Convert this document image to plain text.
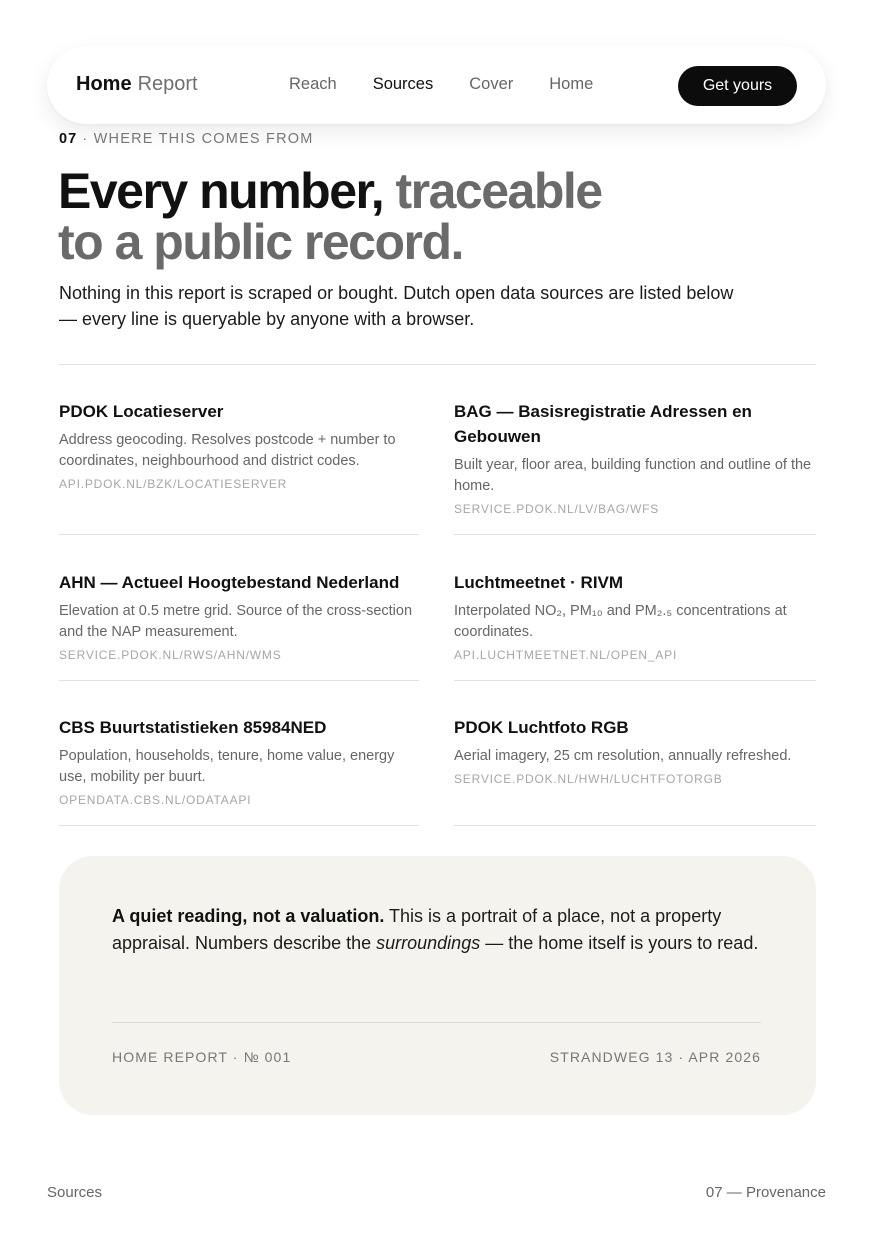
Home Report	Reach Sources Cover Home	Get yours
07 · WHERE THIS COMES FROM
Every number, traceable
to a public record.

Nothing in this report is scraped or bought. Dutch open data sources are listed below — every line is queryable by anyone with a browser.

PDOK Locatieserver
Address geocoding. Resolves postcode + number to coordinates, neighbourhood and district codes.
API.PDOK.NL/BZK/LOCATIESERVER
BAG — Basisregistratie Adressen en Gebouwen
Built year, floor area, building function and outline of the home.
SERVICE.PDOK.NL/LV/BAG/WFS
AHN — Actueel Hoogtebestand Nederland
Elevation at 0.5 metre grid. Source of the cross-section and the NAP measurement.
SERVICE.PDOK.NL/RWS/AHN/WMS
Luchtmeetnet · RIVM
Interpolated NO₂, PM₁₀ and PM₂.₅ concentrations at coordinates.
API.LUCHTMEETNET.NL/OPEN_API
CBS Buurtstatistieken 85984NED
Population, households, tenure, home value, energy use, mobility per buurt.
OPENDATA.CBS.NL/ODATAAPI
PDOK Luchtfoto RGB
Aerial imagery, 25 cm resolution, annually refreshed.
SERVICE.PDOK.NL/HWH/LUCHTFOTORGB

A quiet reading, not a valuation. This is a portrait of a place, not a property appraisal. Numbers describe the surroundings — the home itself is yours to read.

HOME REPORT · № 001	STRANDWEG 13 · APR 2026
Sources	07 — Provenance
